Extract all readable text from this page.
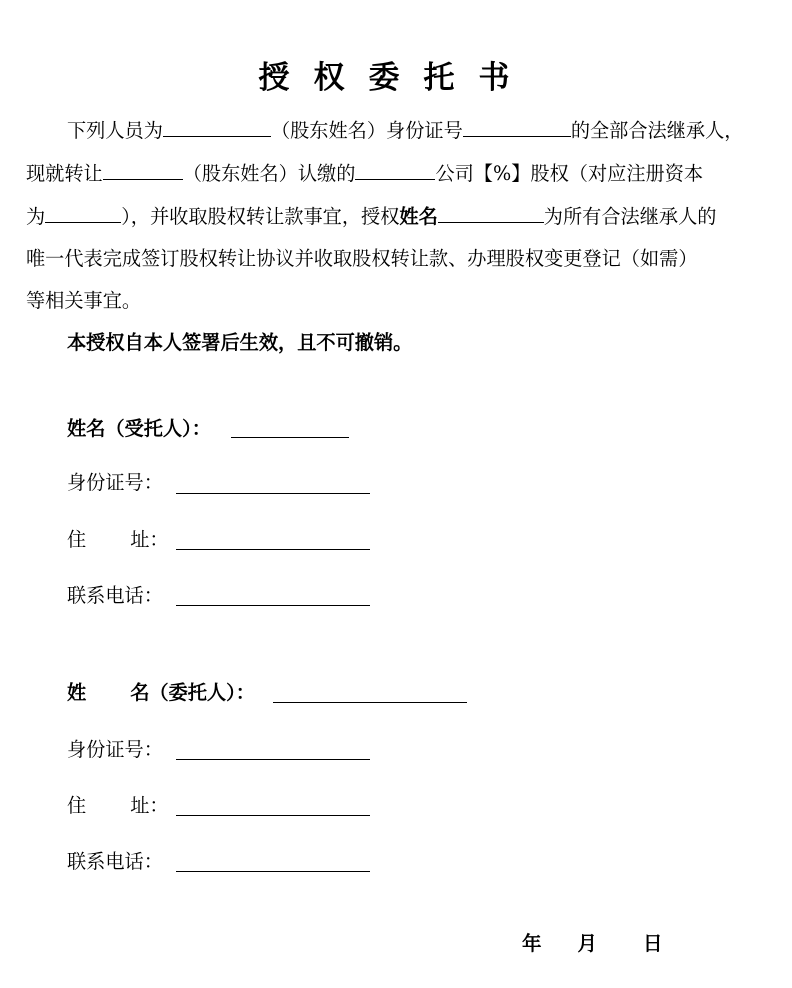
授权委托书
下列人员为	（股东姓名）身份证号	的全部合法继承人，
现就转让	（股东姓名）认缴的	公司【%】股权（对应注册资本
为	），并收取股权转让款事宜，授权姓名	为所有合法继承人的
唯一代表完成签订股权转让协议并收取股权转让款、办理股权变更登记（如需）
等相关事宜。
本授权自本人签署后生效，且不可撤销。
姓名（受托人）：
身份证号：
住 址：
联系电话：
姓 名（委托人）：
身份证号：
住 址：
联系电话：
年 月 日
